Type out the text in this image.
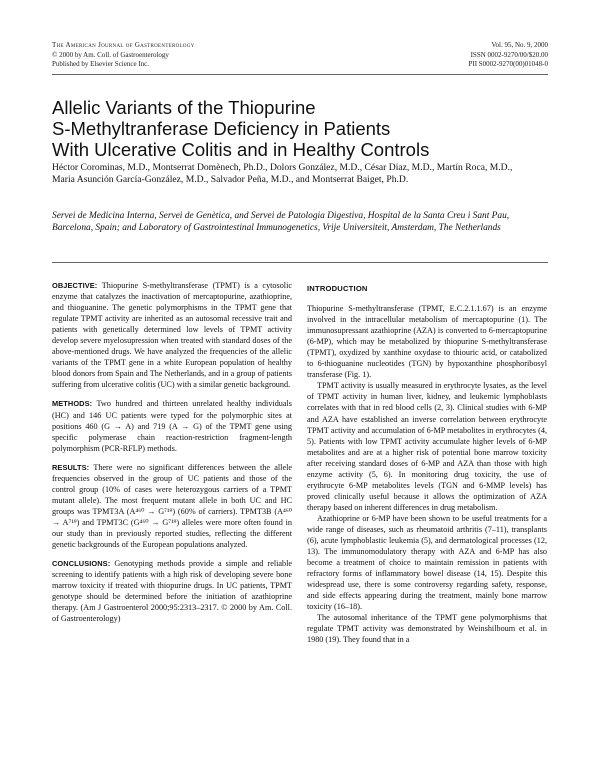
The American Journal of Gastroenterology
© 2000 by Am. Coll. of Gastroenterology
Published by Elsevier Science Inc.
Vol. 95, No. 9, 2000
ISSN 0002-9270/00/$20.00
PII S0002-9270(00)01048-0
Allelic Variants of the Thiopurine
S-Methyltranferase Deficiency in Patients
With Ulcerative Colitis and in Healthy Controls

Héctor Corominas, M.D., Montserrat Domènech, Ph.D., Dolors González, M.D., César Diaz, M.D., Martín Roca, M.D., Maria Asunción García-González, M.D., Salvador Peña, M.D., and Montserrat Baiget, Ph.D.

Servei de Medicina Interna, Servei de Genètica, and Servei de Patologia Digestiva, Hospital de la Santa Creu i Sant Pau, Barcelona, Spain; and Laboratory of Gastrointestinal Immunogenetics, Vrije Universiteit, Amsterdam, The Netherlands

OBJECTIVE: Thiopurine S-methyltransferase (TPMT) is a cytosolic enzyme that catalyzes the inactivation of mercaptopurine, azathioprine, and thioguanine. The genetic polymorphisms in the TPMT gene that regulate TPMT activity are inherited as an autosomal recessive trait and patients with genetically determined low levels of TPMT activity develop severe myelosupression when treated with standard doses of the above-mentioned drugs. We have analyzed the frequencies of the allelic variants of the TPMT gene in a white European population of healthy blood donors from Spain and The Netherlands, and in a group of patients suffering from ulcerative colitis (UC) with a similar genetic background.

METHODS: Two hundred and thirteen unrelated healthy individuals (HC) and 146 UC patients were typed for the polymorphic sites at positions 460 (G → A) and 719 (A → G) of the TPMT gene using specific polymerase chain reaction-restriction fragment-length polymorphism (PCR-RFLP) methods.

RESULTS: There were no significant differences between the allele frequencies observed in the group of UC patients and those of the control group (10% of cases were heterozygous carriers of a TPMT mutant allele). The most frequent mutant allele in both UC and HC groups was TPMT3A (A⁴⁶⁰ → G⁷¹⁹) (60% of carriers). TPMT3B (A⁴⁶⁰ → A⁷¹⁹) and TPMT3C (G⁴⁶⁰ → G⁷¹⁹) alleles were more often found in our study than in previously reported studies, reflecting the different genetic backgrounds of the European populations analyzed.

CONCLUSIONS: Genotyping methods provide a simple and reliable screening to identify patients with a high risk of developing severe bone marrow toxicity if treated with thiopurine drugs. In UC patients, TPMT genotype should be determined before the initiation of azathioprine therapy. (Am J Gastroenterol 2000;95:2313–2317. © 2000 by Am. Coll. of Gastroenterology)

INTRODUCTION

Thiopurine S-methyltransferase (TPMT, E.C.2.1.1.67) is an enzyme involved in the intracellular metabolism of mercaptopurine (1). The immunosupressant azathioprine (AZA) is converted to 6-mercaptopurine (6-MP), which may be metabolized by thiopurine S-methyltransferase (TPMT), oxydized by xanthine oxydase to thiouric acid, or catabolized to 6-thioguanine nucleotides (TGN) by hypoxanthine phosphoribosyl transferase (Fig. 1).

TPMT activity is usually measured in erythrocyte lysates, as the level of TPMT activity in human liver, kidney, and leukemic lymphoblasts correlates with that in red blood cells (2, 3). Clinical studies with 6-MP and AZA have established an inverse correlation between erythrocyte TPMT activity and accumulation of 6-MP metabolites in erythrocytes (4, 5). Patients with low TPMT activity accumulate higher levels of 6-MP metabolites and are at a higher risk of potential bone marrow toxicity after receiving standard doses of 6-MP and AZA than those with high enzyme activity (5, 6). In monitoring drug toxicity, the use of erythrocyte 6-MP metabolites levels (TGN and 6-MMP levels) has proved clinically useful because it allows the optimization of AZA therapy based on inherent differences in drug metabolism.

Azathioprine or 6-MP have been shown to be useful treatments for a wide range of diseases, such as rheumatoid arthritis (7–11), transplants (6), acute lymphoblastic leukemia (5), and dermatological processes (12, 13). The immunomodulatory therapy with AZA and 6-MP has also become a treatment of choice to maintain remission in patients with refractory forms of inflammatory bowel disease (14, 15). Despite this widespread use, there is some controversy regarding safety, response, and side effects appearing during the treatment, mainly bone marrow toxicity (16–18).

The autosomal inheritance of the TPMT gene polymorphisms that regulate TPMT activity was demonstrated by Weinshilboum et al. in 1980 (19). They found that in a
